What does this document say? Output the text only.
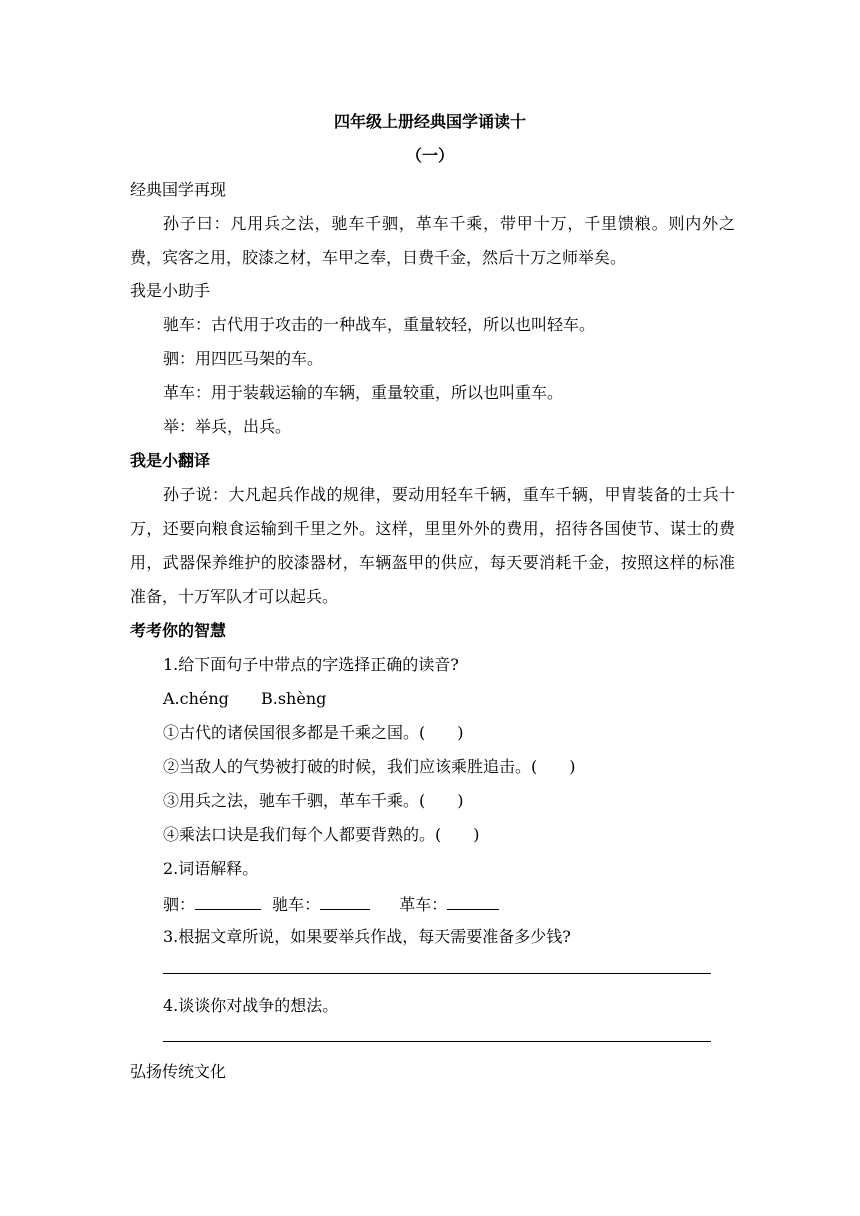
四年级上册经典国学诵读十
（一）
经典国学再现
孙子曰：凡用兵之法，驰车千驷，革车千乘，带甲十万，千里馈粮。则内外之费，宾客之用，胶漆之材，车甲之奉，日费千金，然后十万之师举矣。
我是小助手
驰车：古代用于攻击的一种战车，重量较轻，所以也叫轻车。
驷：用四匹马架的车。
革车：用于装载运输的车辆，重量较重，所以也叫重车。
举：举兵，出兵。
我是小翻译
孙子说：大凡起兵作战的规律，要动用轻车千辆，重车千辆，甲胄装备的士兵十万，还要向粮食运输到千里之外。这样，里里外外的费用，招待各国使节、谋士的费用，武器保养维护的胶漆器材，车辆盔甲的供应，每天要消耗千金，按照这样的标准准备，十万军队才可以起兵。
考考你的智慧
1.给下面句子中带点的字选择正确的读音?
A.chéng B.shèng
①古代的诸侯国很多都是千乘之国。(　　)
②当敌人的气势被打破的时候，我们应该乘胜追击。(　　)
③用兵之法，驰车千驷，革车千乘。(　　)
④乘法口诀是我们每个人都要背熟的。(　　)
2.词语解释。
驷：	驰车：	革车：
3.根据文章所说，如果要举兵作战，每天需要准备多少钱?
4.谈谈你对战争的想法。
弘扬传统文化
